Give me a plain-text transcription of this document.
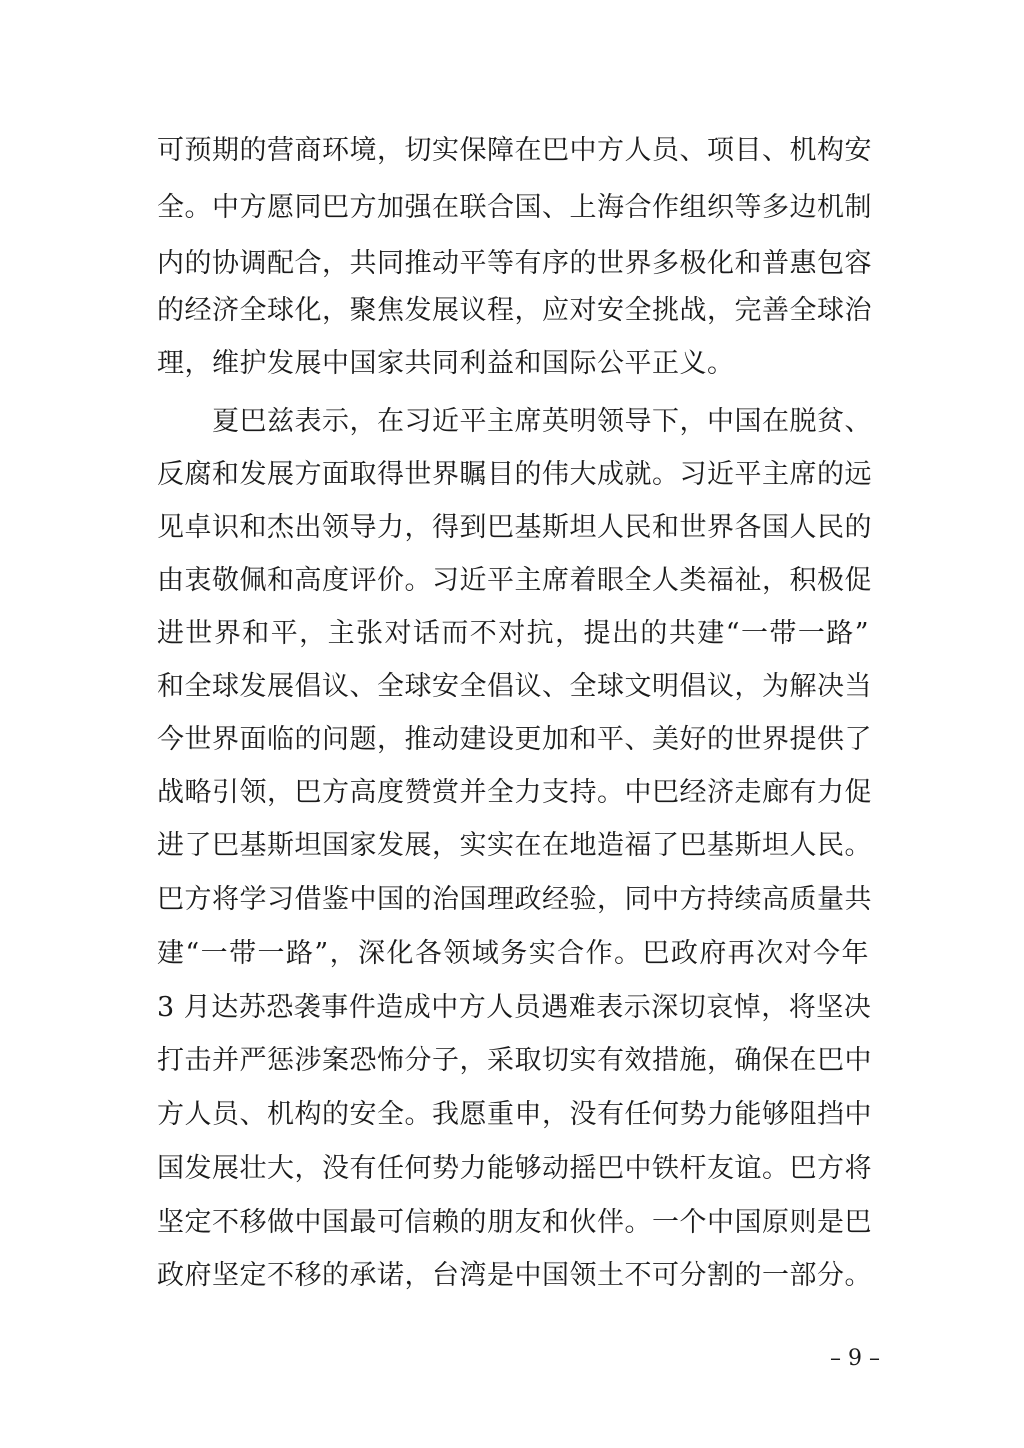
可预期的营商环境，切实保障在巴中方人员、项目、机构安
全。中方愿同巴方加强在联合国、上海合作组织等多边机制
内的协调配合，共同推动平等有序的世界多极化和普惠包容
的经济全球化，聚焦发展议程，应对安全挑战，完善全球治
理，维护发展中国家共同利益和国际公平正义。
　　夏巴兹表示，在习近平主席英明领导下，中国在脱贫、
反腐和发展方面取得世界瞩目的伟大成就。习近平主席的远
见卓识和杰出领导力，得到巴基斯坦人民和世界各国人民的
由衷敬佩和高度评价。习近平主席着眼全人类福祉，积极促
进世界和平，主张对话而不对抗，提出的共建“一带一路”
和全球发展倡议、全球安全倡议、全球文明倡议，为解决当
今世界面临的问题，推动建设更加和平、美好的世界提供了
战略引领，巴方高度赞赏并全力支持。中巴经济走廊有力促
进了巴基斯坦国家发展，实实在在地造福了巴基斯坦人民。
巴方将学习借鉴中国的治国理政经验，同中方持续高质量共
建“一带一路”，深化各领域务实合作。巴政府再次对今年
3 月达苏恐袭事件造成中方人员遇难表示深切哀悼，将坚决
打击并严惩涉案恐怖分子，采取切实有效措施，确保在巴中
方人员、机构的安全。我愿重申，没有任何势力能够阻挡中
国发展壮大，没有任何势力能够动摇巴中铁杆友谊。巴方将
坚定不移做中国最可信赖的朋友和伙伴。一个中国原则是巴
政府坚定不移的承诺，台湾是中国领土不可分割的一部分。
– 9 –
